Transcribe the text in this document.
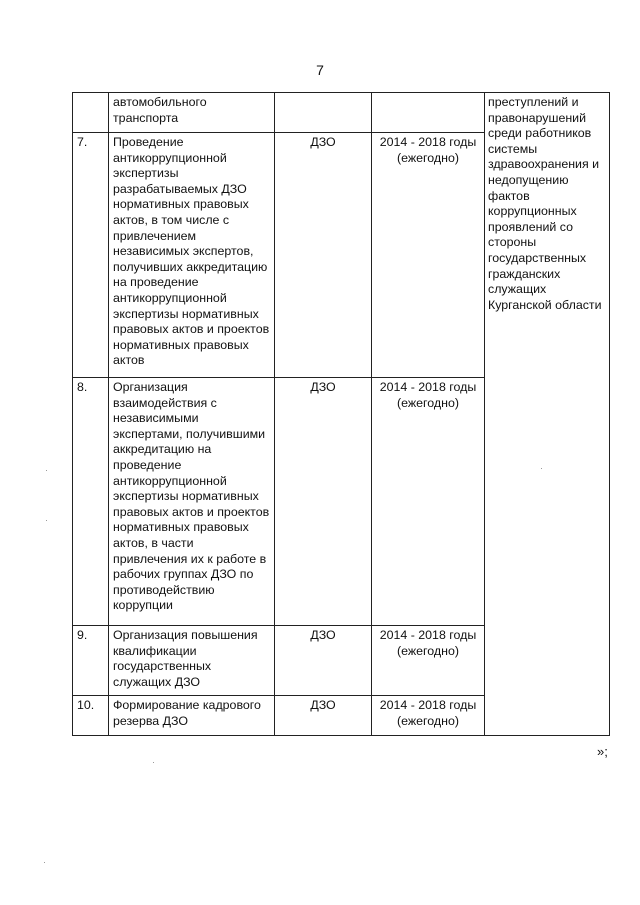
7
	автомобильного транспорта			преступлений и правонарушений среди работников системы здравоохранения и недопущению фактов коррупционных проявлений со стороны государственных гражданских служащих Курганской области
7.	Проведение антикоррупционной экспертизы разрабатываемых ДЗО нормативных правовых актов, в том числе с привлечением независимых экспертов, получивших аккредитацию на проведение антикоррупционной экспертизы нормативных правовых актов и проектов нормативных правовых актов	ДЗО	2014 - 2018 годы (ежегодно)	
8.	Организация взаимодействия с независимыми экспертами, получившими аккредитацию на проведение антикоррупционной экспертизы нормативных правовых актов и проектов нормативных правовых актов, в части привлечения их к работе в рабочих группах ДЗО по противодействию коррупции	ДЗО	2014 - 2018 годы (ежегодно)	
9.	Организация повышения квалификации государственных служащих ДЗО	ДЗО	2014 - 2018 годы (ежегодно)	
10.	Формирование кадрового резерва ДЗО	ДЗО	2014 - 2018 годы (ежегодно)	
»;
